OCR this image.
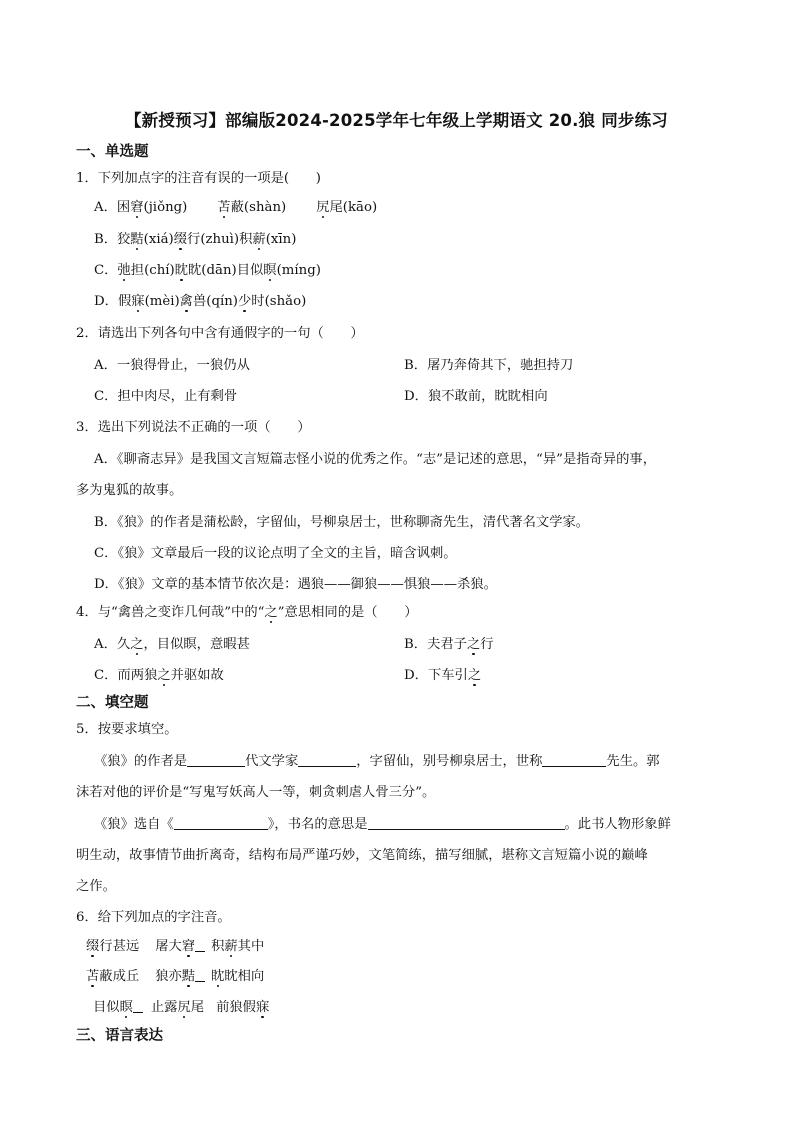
【新授预习】部编版2024-2025学年七年级上学期语文 20.狼 同步练习
一、单选题
1．下列加点字的注音有误的一项是(　　)
A．困窘(jiǒng) 苫蔽(shàn) 尻尾(kāo)
B．狡黠(xiá)缀行(zhuì)积薪(xīn)
C．弛担(chí)眈眈(dān)目似瞑(míng)
D．假寐(mèi)禽兽(qín)少时(shǎo)
2．请选出下列各句中含有通假字的一句（　　）
A．一狼得骨止，一狼仍从	B．屠乃奔倚其下，驰担持刀
C．担中肉尽，止有剩骨	D．狼不敢前，眈眈相向
3．选出下列说法不正确的一项（　　）
A．《聊斋志异》是我国文言短篇志怪小说的优秀之作。“志”是记述的意思，“异”是指奇异的事，
多为鬼狐的故事。
B．《狼》的作者是蒲松龄，字留仙，号柳泉居士，世称聊斋先生，清代著名文学家。
C．《狼》文章最后一段的议论点明了全文的主旨，暗含讽刺。
D．《狼》文章的基本情节依次是：遇狼——御狼——惧狼——杀狼。
4．与“禽兽之变诈几何哉”中的“之”意思相同的是（　　）
A．久之，目似瞑，意暇甚	B．夫君子之行
C．而两狼之并驱如故	D．下车引之
二、填空题
5．按要求填空。
《狼》的作者是	代文学家	，字留仙，别号柳泉居士，世称	先生。郭
沫若对他的评价是“写鬼写妖高人一等，刺贪刺虐人骨三分”。
《狼》选自《	》，书名的意思是	。此书人物形象鲜
明生动，故事情节曲折离奇，结构布局严谨巧妙，文笔简练，描写细腻，堪称文言短篇小说的巅峰
之作。
6．给下列加点的字注音。
缀行甚远 屠大窘 积薪其中
苫蔽成丘 狼亦黠 眈眈相向
目似瞑 止露尻尾 前狼假寐
三、语言表达
